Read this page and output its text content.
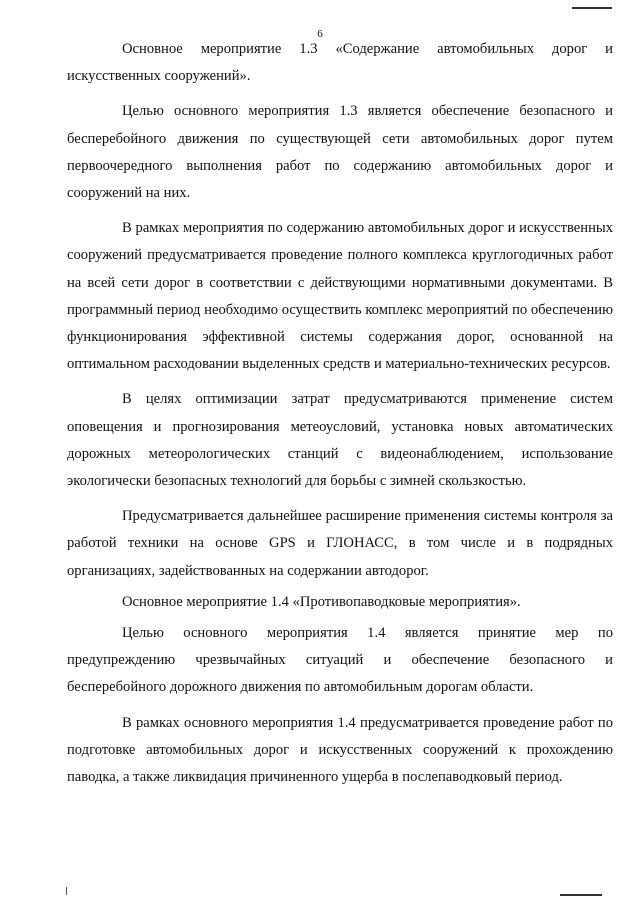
6

Основное мероприятие 1.3 «Содержание автомобильных дорог и искусственных сооружений».

Целью основного мероприятия 1.3 является обеспечение безопасного и бесперебойного движения по существующей сети автомобильных дорог путем первоочередного выполнения работ по содержанию автомобильных дорог и сооружений на них.

В рамках мероприятия по содержанию автомобильных дорог и искусственных сооружений предусматривается проведение полного комплекса круглогодичных работ на всей сети дорог в соответствии с действующими нормативными документами. В программный период необходимо осуществить комплекс мероприятий по обеспечению функционирования эффективной системы содержания дорог, основанной на оптимальном расходовании выделенных средств и материально-технических ресурсов.

В целях оптимизации затрат предусматриваются применение систем оповещения и прогнозирования метеоусловий, установка новых автоматических дорожных метеорологических станций с видеонаблюдением, использование экологически безопасных технологий для борьбы с зимней скользкостью.

Предусматривается дальнейшее расширение применения системы контроля за работой техники на основе GPS и ГЛОНАСС, в том числе и в подрядных организациях, задействованных на содержании автодорог.

Основное мероприятие 1.4 «Противопаводковые мероприятия».

Целью основного мероприятия 1.4 является принятие мер по предупреждению чрезвычайных ситуаций и обеспечение безопасного и бесперебойного дорожного движения по автомобильным дорогам области.

В рамках основного мероприятия 1.4 предусматривается проведение работ по подготовке автомобильных дорог и искусственных сооружений к прохождению паводка, а также ликвидация причиненного ущерба в послепаводковый период.
